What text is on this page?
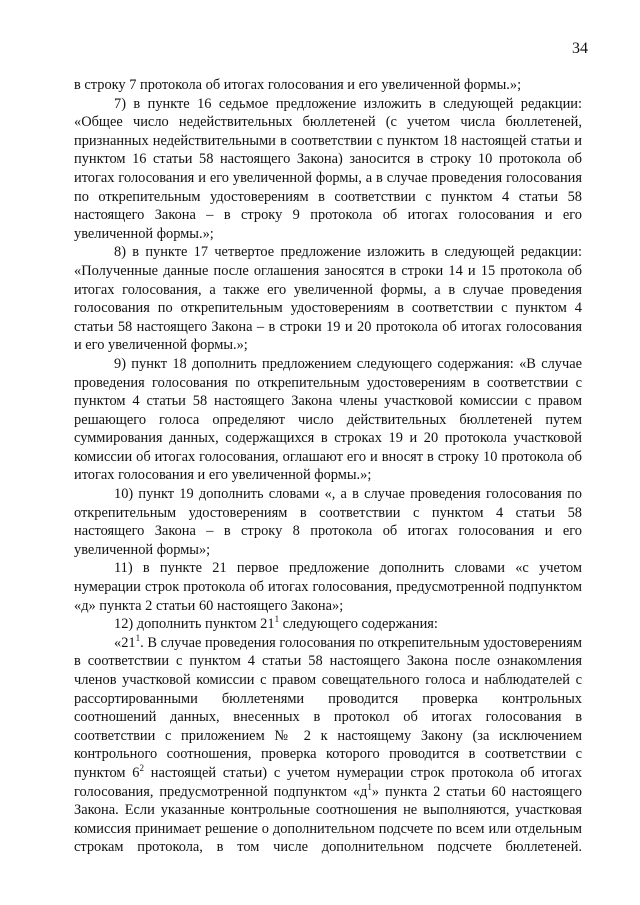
34

в строку 7 протокола об итогах голосования и его увеличенной формы.»;

7) в пункте 16 седьмое предложение изложить в следующей редакции: «Общее число недействительных бюллетеней (с учетом числа бюллетеней, признанных недействительными в соответствии с пунктом 18 настоящей статьи и пунктом 16 статьи 58 настоящего Закона) заносится в строку 10 протокола об итогах голосования и его увеличенной формы, а в случае проведения голосования по открепительным удостоверениям в соответствии с пунктом 4 статьи 58 настоящего Закона – в строку 9 протокола об итогах голосования и его увеличенной формы.»;

8) в пункте 17 четвертое предложение изложить в следующей редакции: «Полученные данные после оглашения заносятся в строки 14 и 15 протокола об итогах голосования, а также его увеличенной формы, а в случае проведения голосования по открепительным удостоверениям в соответствии с пунктом 4 статьи 58 настоящего Закона – в строки 19 и 20 протокола об итогах голосования и его увеличенной формы.»;

9) пункт 18 дополнить предложением следующего содержания: «В случае проведения голосования по открепительным удостоверениям в соответствии с пунктом 4 статьи 58 настоящего Закона члены участковой комиссии с правом решающего голоса определяют число действительных бюллетеней путем суммирования данных, содержащихся в строках 19 и 20 протокола участковой комиссии об итогах голосования, оглашают его и вносят в строку 10 протокола об итогах голосования и его увеличенной формы.»;

10) пункт 19 дополнить словами «, а в случае проведения голосования по открепительным удостоверениям в соответствии с пунктом 4 статьи 58 настоящего Закона – в строку 8 протокола об итогах голосования и его увеличенной формы»;

11) в пункте 21 первое предложение дополнить словами «с учетом нумерации строк протокола об итогах голосования, предусмотренной подпунктом «д» пункта 2 статьи 60 настоящего Закона»;

12) дополнить пунктом $21^1$ следующего содержания:

«$21^1$. В случае проведения голосования по открепительным удостоверениям в соответствии с пунктом 4 статьи 58 настоящего Закона после ознакомления членов участковой комиссии с правом совещательного голоса и наблюдателей с рассортированными бюллетенями проводится проверка контрольных соотношений данных, внесенных в протокол об итогах голосования в соответствии с приложением № 2 к настоящему Закону (за исключением контрольного соотношения, проверка которого проводится в соответствии с пунктом $6^2$ настоящей статьи) с учетом нумерации строк протокола об итогах голосования, предусмотренной подпунктом «$д^1$» пункта 2 статьи 60 настоящего Закона. Если указанные контрольные соотношения не выполняются, участковая комиссия принимает решение о дополнительном подсчете по всем или отдельным строкам протокола, в том числе дополнительном подсчете бюллетеней.
